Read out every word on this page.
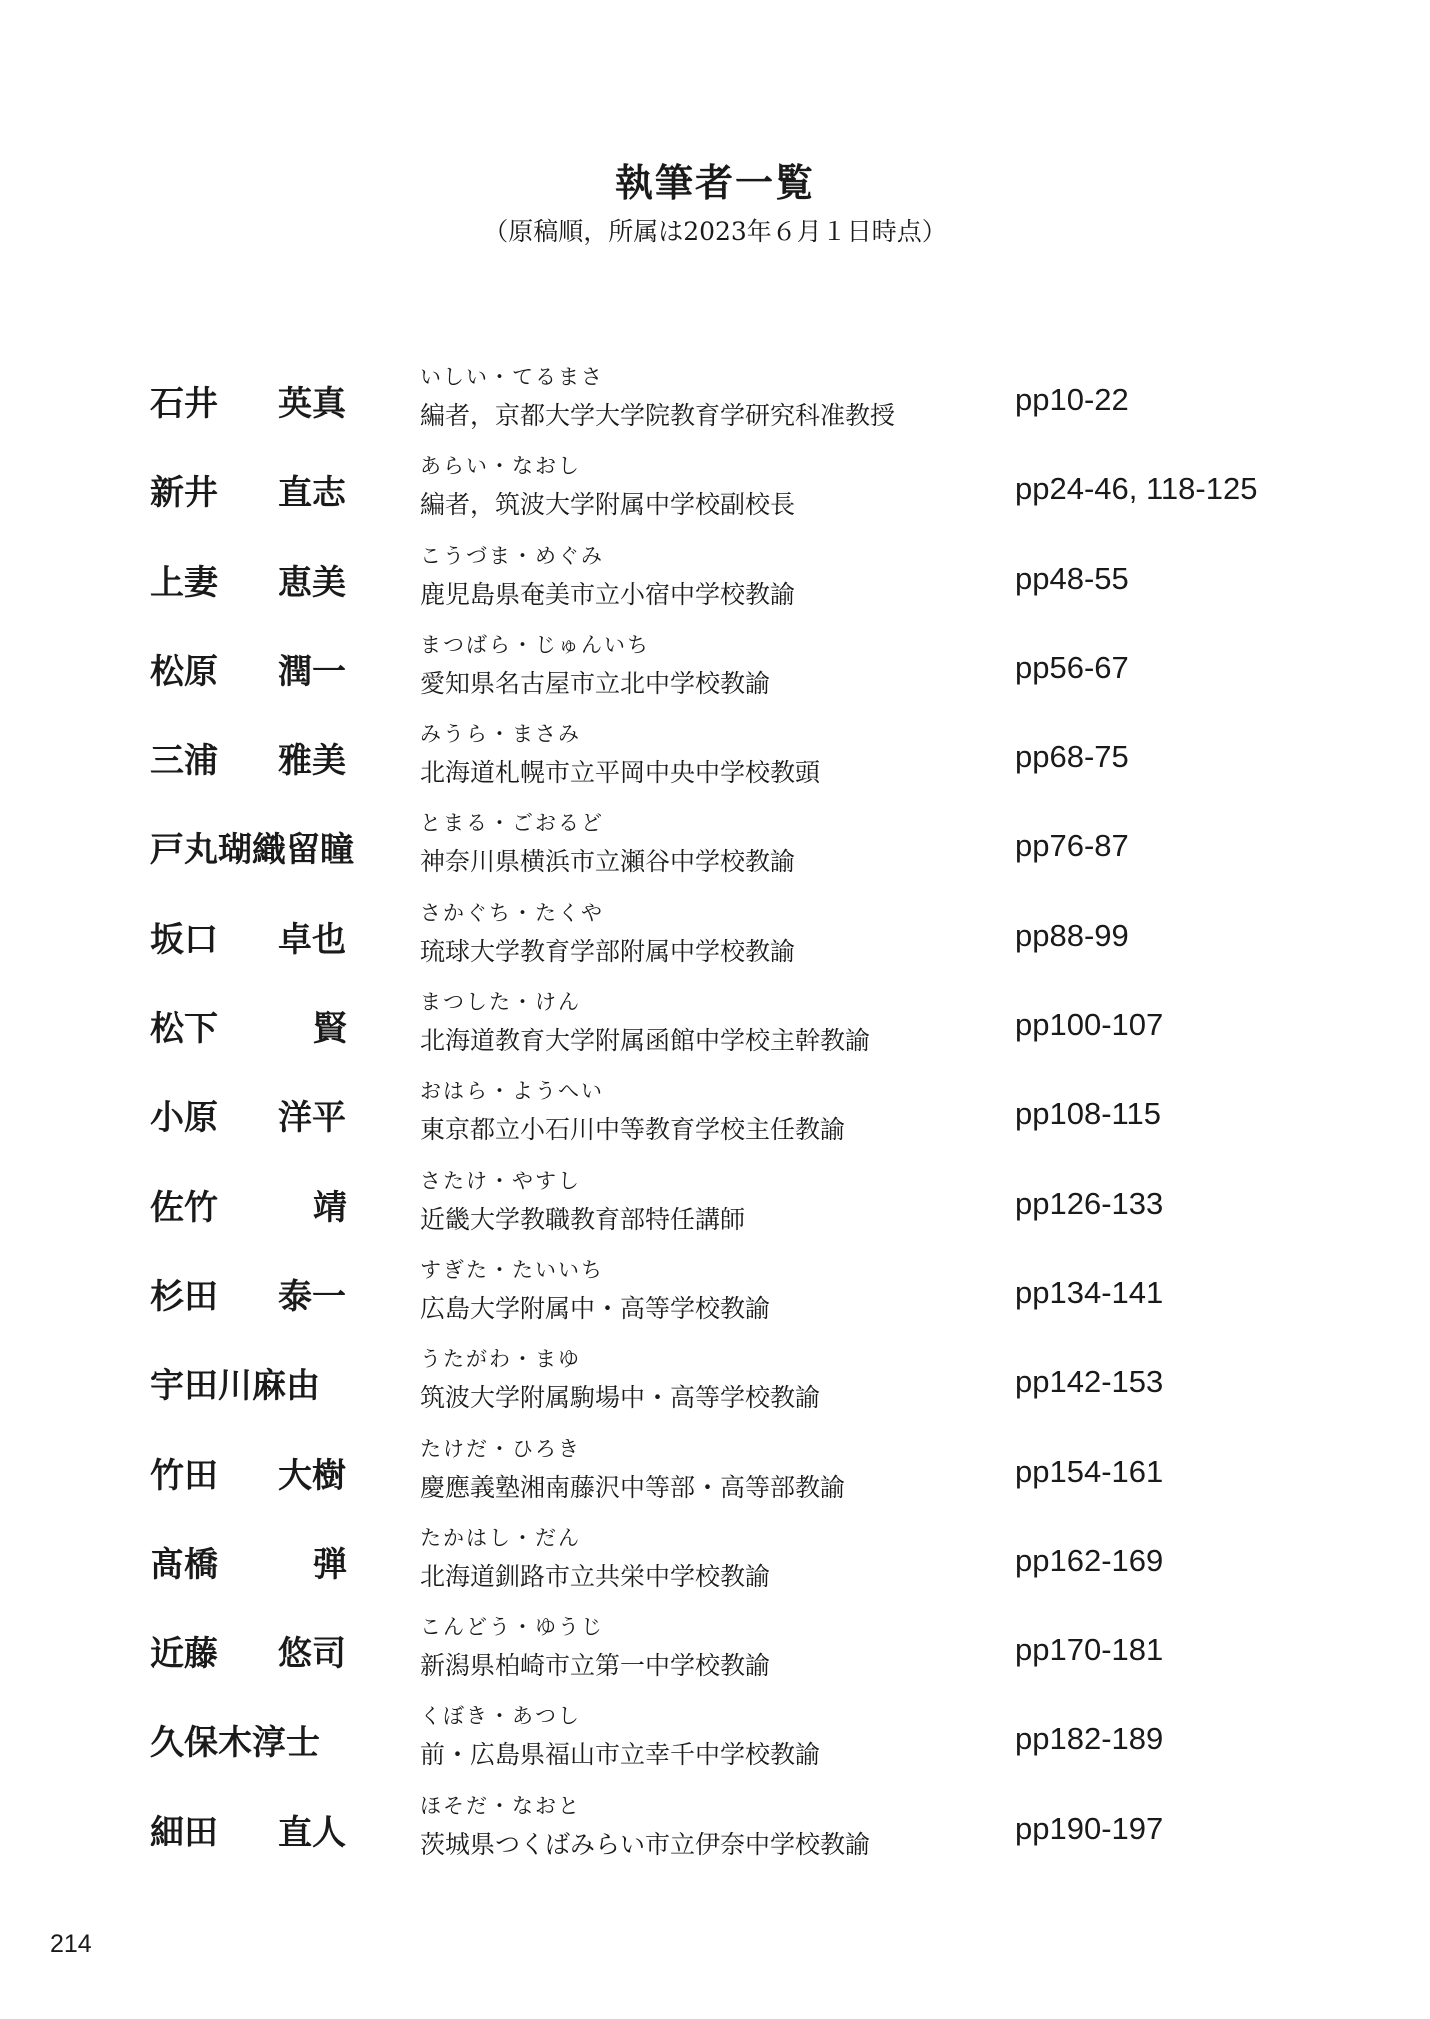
執筆者一覧
（原稿順，所属は2023年６月１日時点）
石井 英真
いしい・てるまさ
編者，京都大学大学院教育学研究科准教授	pp10-22
新井 直志
あらい・なおし
編者，筑波大学附属中学校副校長	pp24-46, 118-125
上妻 恵美
こうづま・めぐみ
鹿児島県奄美市立小宿中学校教諭	pp48-55
松原 潤一
まつばら・じゅんいち
愛知県名古屋市立北中学校教諭	pp56-67
三浦 雅美
みうら・まさみ
北海道札幌市立平岡中央中学校教頭	pp68-75
戸丸瑚織留瞳
とまる・ごおるど
神奈川県横浜市立瀬谷中学校教諭	pp76-87
坂口 卓也
さかぐち・たくや
琉球大学教育学部附属中学校教諭	pp88-99
松下	賢
まつした・けん
北海道教育大学附属函館中学校主幹教諭	pp100-107
小原 洋平
おはら・ようへい
東京都立小石川中等教育学校主任教諭	pp108-115
佐竹	靖
さたけ・やすし
近畿大学教職教育部特任講師	pp126-133
杉田 泰一
すぎた・たいいち
広島大学附属中・高等学校教諭	pp134-141
宇田川麻由
うたがわ・まゆ
筑波大学附属駒場中・高等学校教諭	pp142-153
竹田 大樹
たけだ・ひろき
慶應義塾湘南藤沢中等部・高等部教諭	pp154-161
髙橋	弾
たかはし・だん
北海道釧路市立共栄中学校教諭	pp162-169
近藤 悠司
こんどう・ゆうじ
新潟県柏崎市立第一中学校教諭	pp170-181
久保木淳士
くぼき・あつし
前・広島県福山市立幸千中学校教諭	pp182-189
細田 直人
ほそだ・なおと
茨城県つくばみらい市立伊奈中学校教諭	pp190-197
214
